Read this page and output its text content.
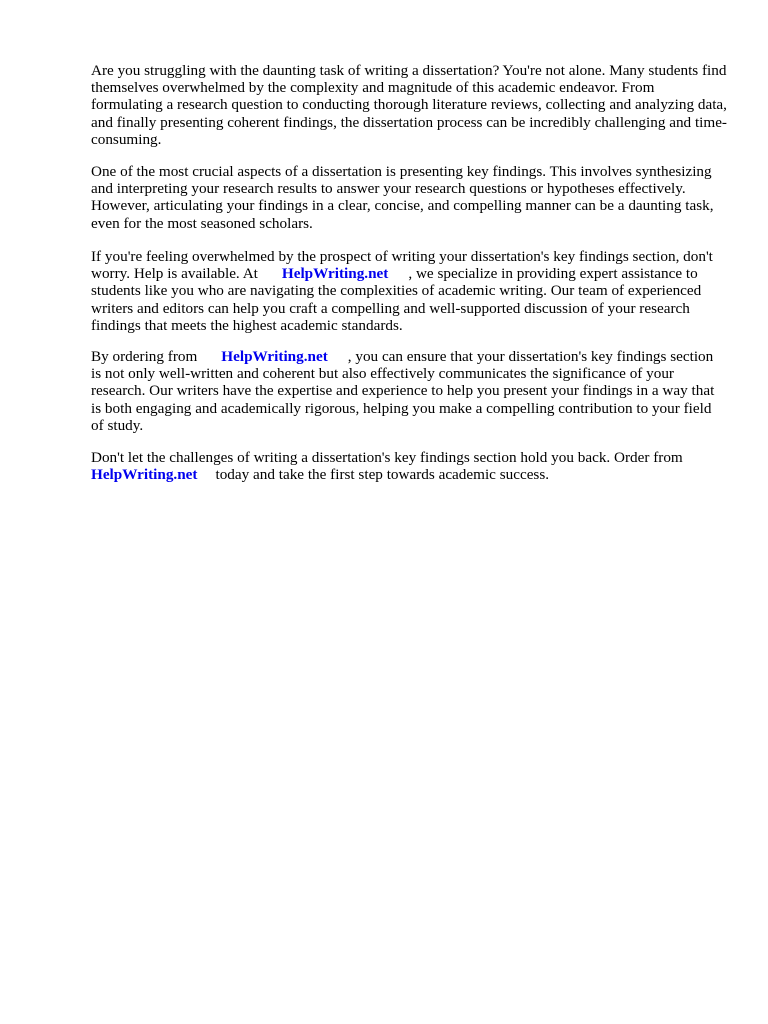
Are you struggling with the daunting task of writing a dissertation? You're not alone. Many students find themselves overwhelmed by the complexity and magnitude of this academic endeavor. From formulating a research question to conducting thorough literature reviews, collecting and analyzing data, and finally presenting coherent findings, the dissertation process can be incredibly challenging and time-consuming.

One of the most crucial aspects of a dissertation is presenting key findings. This involves synthesizing and interpreting your research results to answer your research questions or hypotheses effectively. However, articulating your findings in a clear, concise, and compelling manner can be a daunting task, even for the most seasoned scholars.

If you're feeling overwhelmed by the prospect of writing your dissertation's key findings section, don't worry. Help is available. At HelpWriting.net , we specialize in providing expert assistance to students like you who are navigating the complexities of academic writing. Our team of experienced writers and editors can help you craft a compelling and well-supported discussion of your research findings that meets the highest academic standards.

By ordering from HelpWriting.net , you can ensure that your dissertation's key findings section is not only well-written and coherent but also effectively communicates the significance of your research. Our writers have the expertise and experience to help you present your findings in a way that is both engaging and academically rigorous, helping you make a compelling contribution to your field of study.

Don't let the challenges of writing a dissertation's key findings section hold you back. Order from HelpWriting.net today and take the first step towards academic success.
